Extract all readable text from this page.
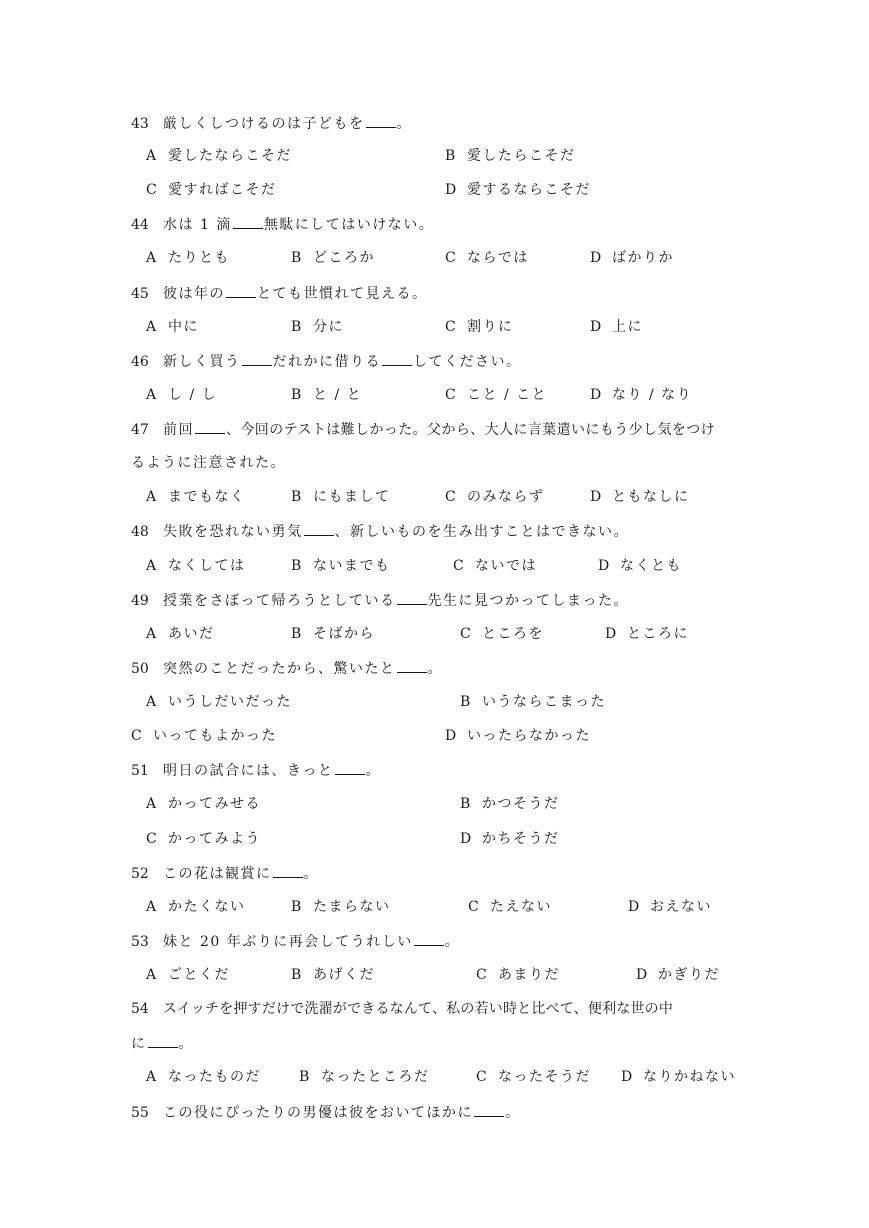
43 厳しくしつけるのは子どもを 。
A 愛したならこそだ	B 愛したらこそだ
C 愛すればこそだ	D 愛するならこそだ
44 水は 1 滴 無駄にしてはいけない。
A たりとも	B どころか	C ならでは	D ばかりか
45 彼は年の とても世慣れて見える。
A 中に	B 分に	C 割りに	D 上に
46 新しく買う だれかに借りる してください。
A し / し	B と / と	C こと / こと	D なり / なり
47 前回 、今回のテストは難しかった。父から、大人に言葉遣いにもう少し気をつけ
るように注意された。
A までもなく	B にもまして	C のみならず	D ともなしに
48 失敗を恐れない勇気 、新しいものを生み出すことはできない。
A なくしては	B ないまでも	C ないでは	D なくとも
49 授業をさぼって帰ろうとしている 先生に見つかってしまった。
A あいだ	B そばから	C ところを	D ところに
50 突然のことだったから、驚いたと 。
A いうしだいだった	B いうならこまった
C いってもよかった	D いったらなかった
51 明日の試合には、きっと 。
A かってみせる	B かつそうだ
C かってみよう	D かちそうだ
52 この花は観賞に 。
A かたくない	B たまらない	C たえない	D おえない
53 妹と 20 年ぶりに再会してうれしい 。
A ごとくだ	B あげくだ	C あまりだ	D かぎりだ
54 スイッチを押すだけで洗濯ができるなんて、私の若い時と比べて、便利な世の中
に 。
A なったものだ	B なったところだ	C なったそうだ D なりかねない
55 この役にぴったりの男優は彼をおいてほかに 。
